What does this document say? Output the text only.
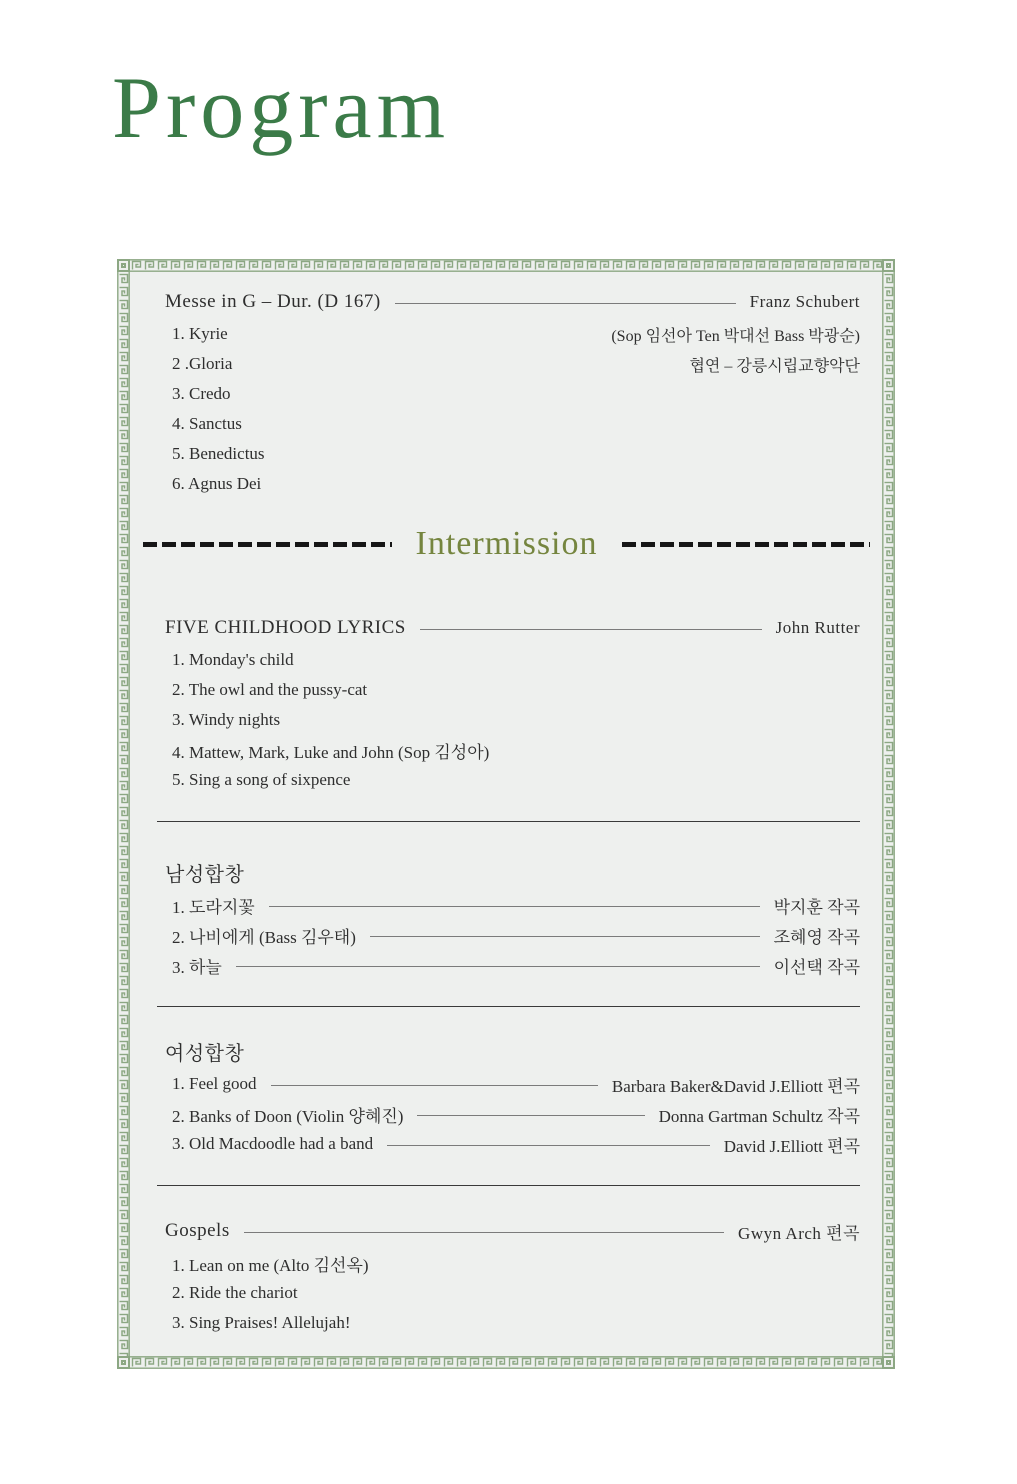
Program
Messe in G – Dur. (D 167)	Franz Schubert
1. Kyrie	(Sop 임선아 Ten 박대선 Bass 박광순)
2 .Gloria	협연 – 강릉시립교향악단
3. Credo
4. Sanctus
5. Benedictus
6. Agnus Dei
Intermission
FIVE CHILDHOOD LYRICS	John Rutter
1. Monday's child
2. The owl and the pussy-cat
3. Windy nights
4. Mattew, Mark, Luke and John (Sop 김성아)
5. Sing a song of sixpence
남성합창
1. 도라지꽃	박지훈 작곡
2. 나비에게 (Bass 김우태)	조혜영 작곡
3. 하늘	이선택 작곡
여성합창
1. Feel good	Barbara Baker&David J.Elliott 편곡
2. Banks of Doon (Violin 양혜진)	Donna Gartman Schultz 작곡
3. Old Macdoodle had a band	David J.Elliott 편곡
Gospels	Gwyn Arch 편곡
1. Lean on me (Alto 김선옥)
2. Ride the chariot
3. Sing Praises! Allelujah!
